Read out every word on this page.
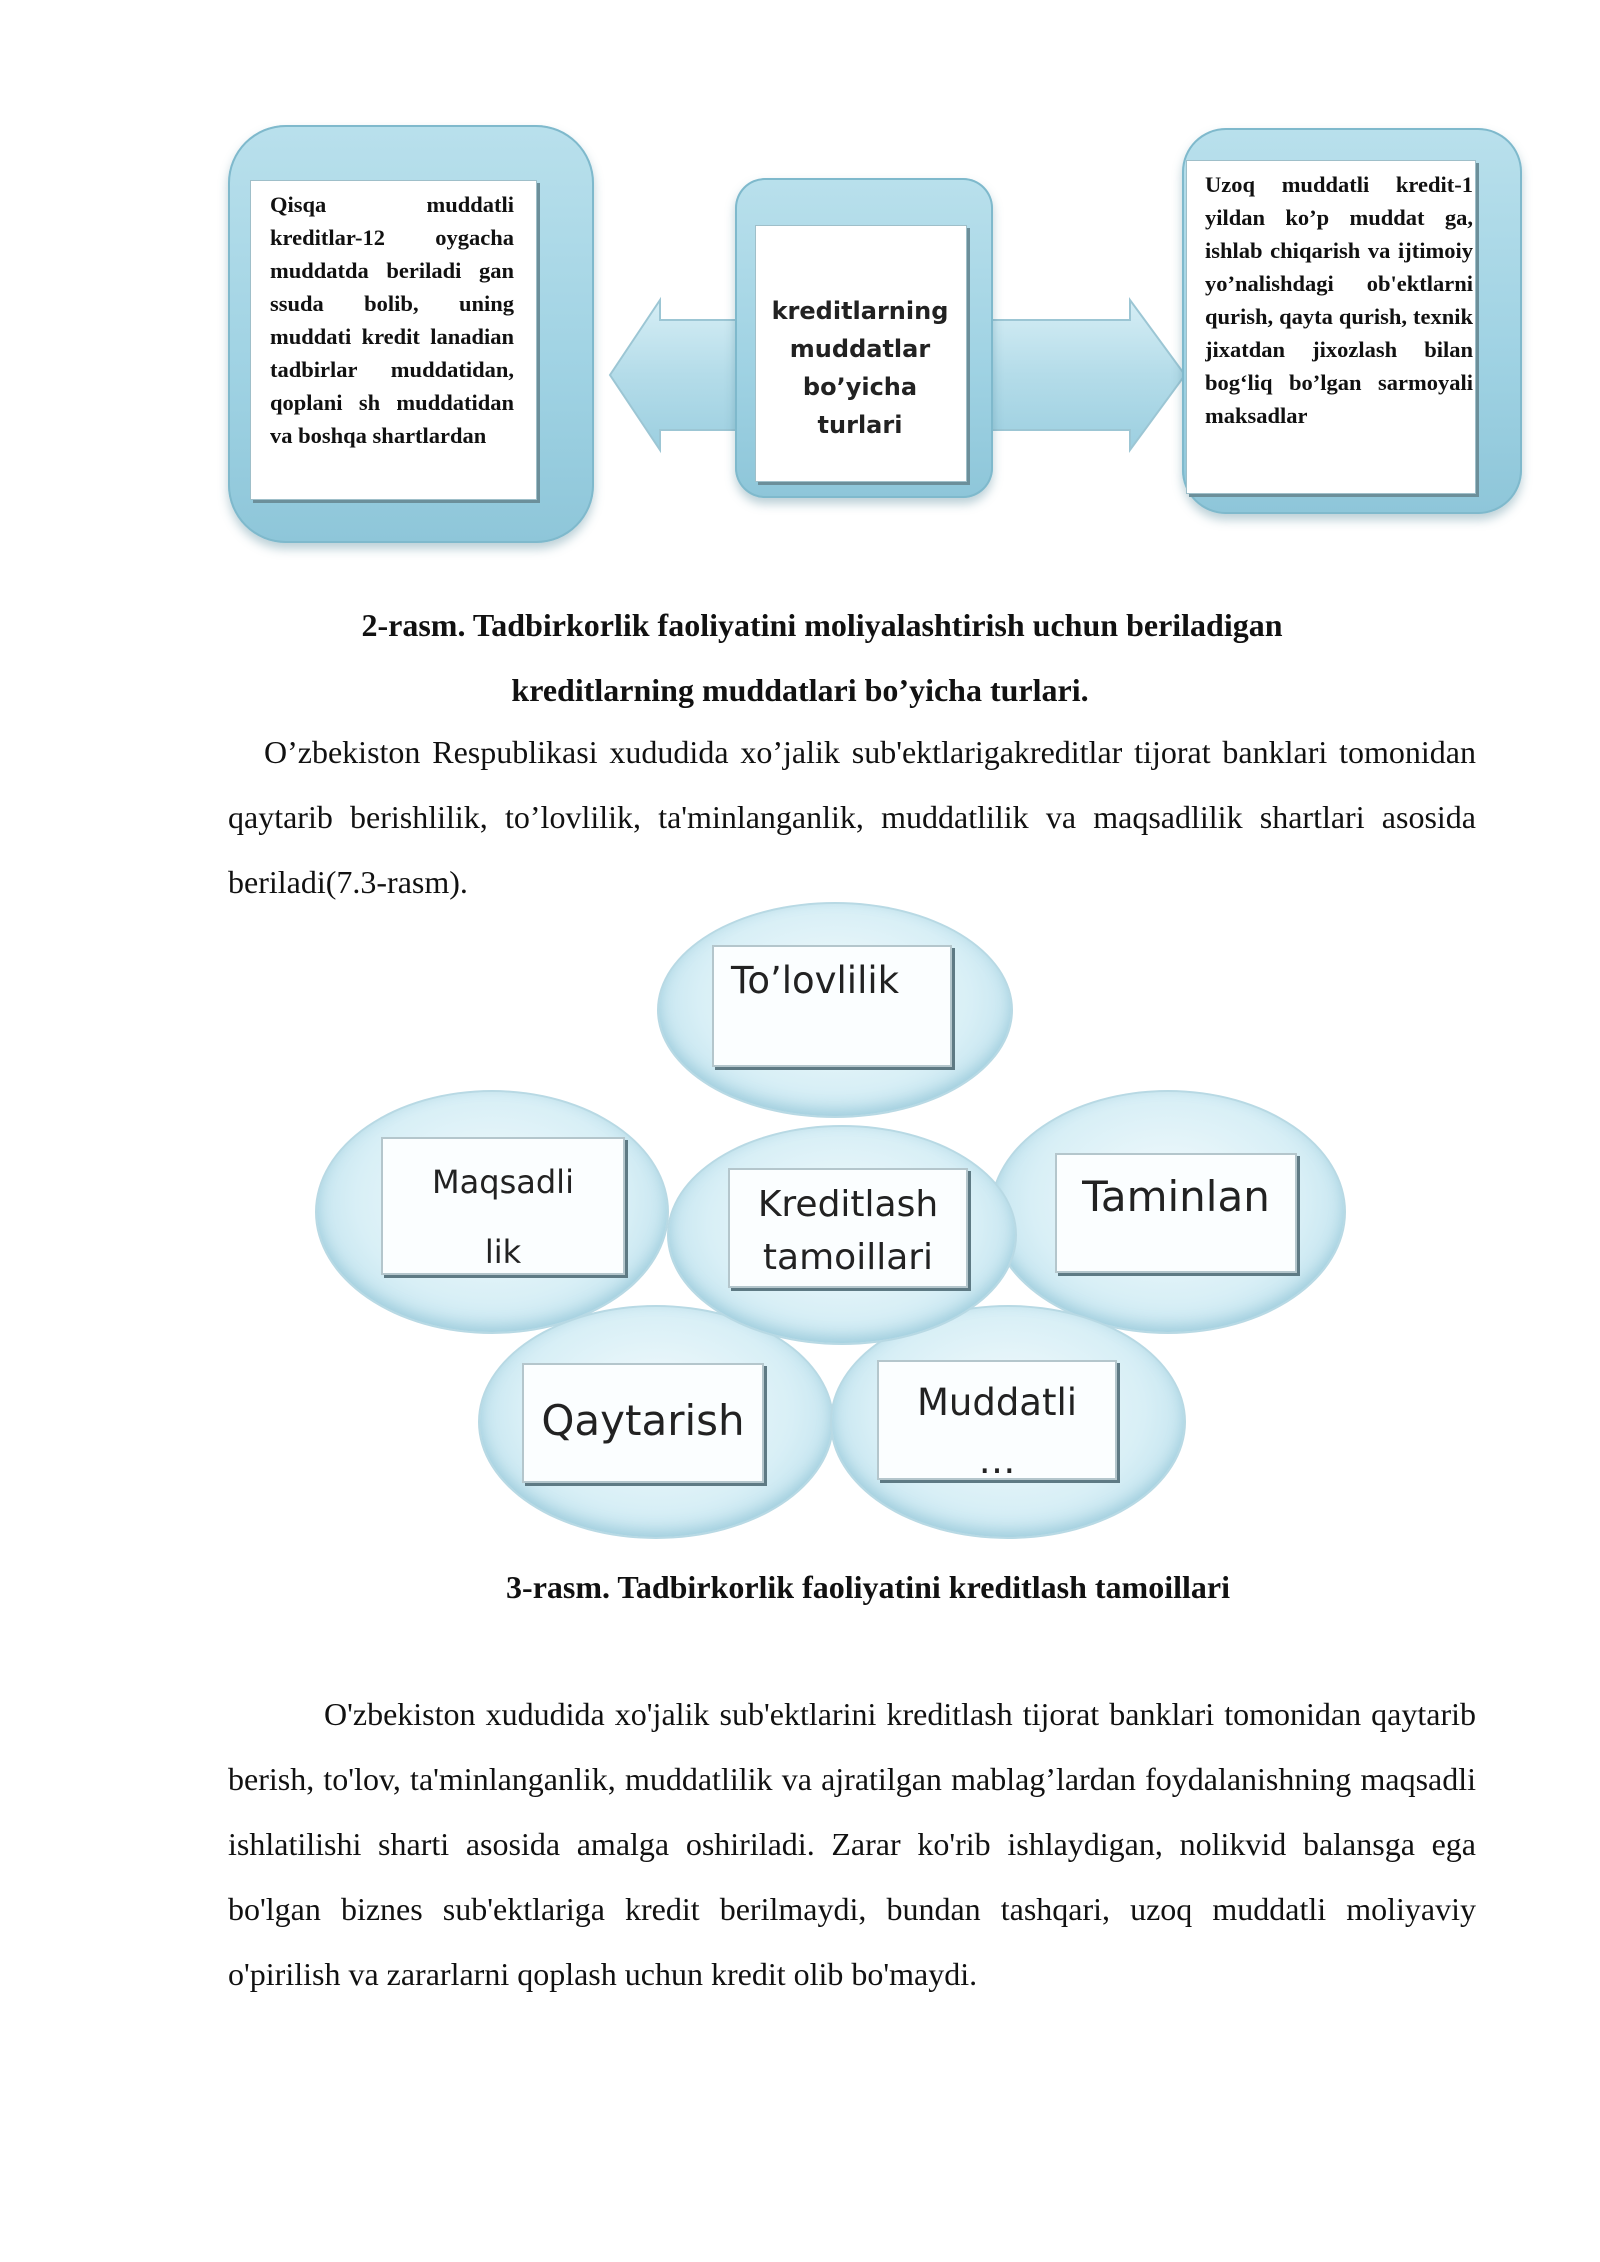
Qisqa muddatli kreditlar-12 oygacha muddatda beriladi gan ssuda bolib, uning muddati kredit lanadian tadbirlar muddatidan, qoplani sh muddatidan va boshqa shartlardan
kreditlarning muddatlar bo’yicha turlari
Uzoq muddatli kredit-1 yildan ko’p muddat ga, ishlab chiqarish va ijtimoiy yo’nalishdagi ob'ektlarni qurish, qayta qurish, texnik jixatdan jixozlash bilan bog‘liq bo’lgan sarmoyali maksadlar
2-rasm. Tadbirkorlik faoliyatini moliyalashtirish uchun beriladigan
kreditlarning muddatlari bo’yicha turlari.
O’zbekiston Respublikasi xududida xo’jalik sub'ektlarigakreditlar tijorat banklari tomonidan qaytarib berishlilik, to’lovlilik, ta'minlanganlik, muddatlilik va maqsadlilik shartlari asosida beriladi(7.3-rasm).
To’lovlilik
Maqsadli lik
Kreditlash tamoillari
Taminlan
Qaytarish	Muddatli …
3-rasm. Tadbirkorlik faoliyatini kreditlash tamoillari
O'zbekiston xududida xo'jalik sub'ektlarini kreditlash tijorat banklari tomonidan qaytarib berish, to'lov, ta'minlanganlik, muddatlilik va ajratilgan mablag’lardan foydalanishning maqsadli ishlatilishi sharti asosida amalga oshiriladi. Zarar ko'rib ishlaydigan, nolikvid balansga ega bo'lgan biznes sub'ektlariga kredit berilmaydi, bundan tashqari, uzoq muddatli moliyaviy o'pirilish va zararlarni qoplash uchun kredit olib bo'maydi.
